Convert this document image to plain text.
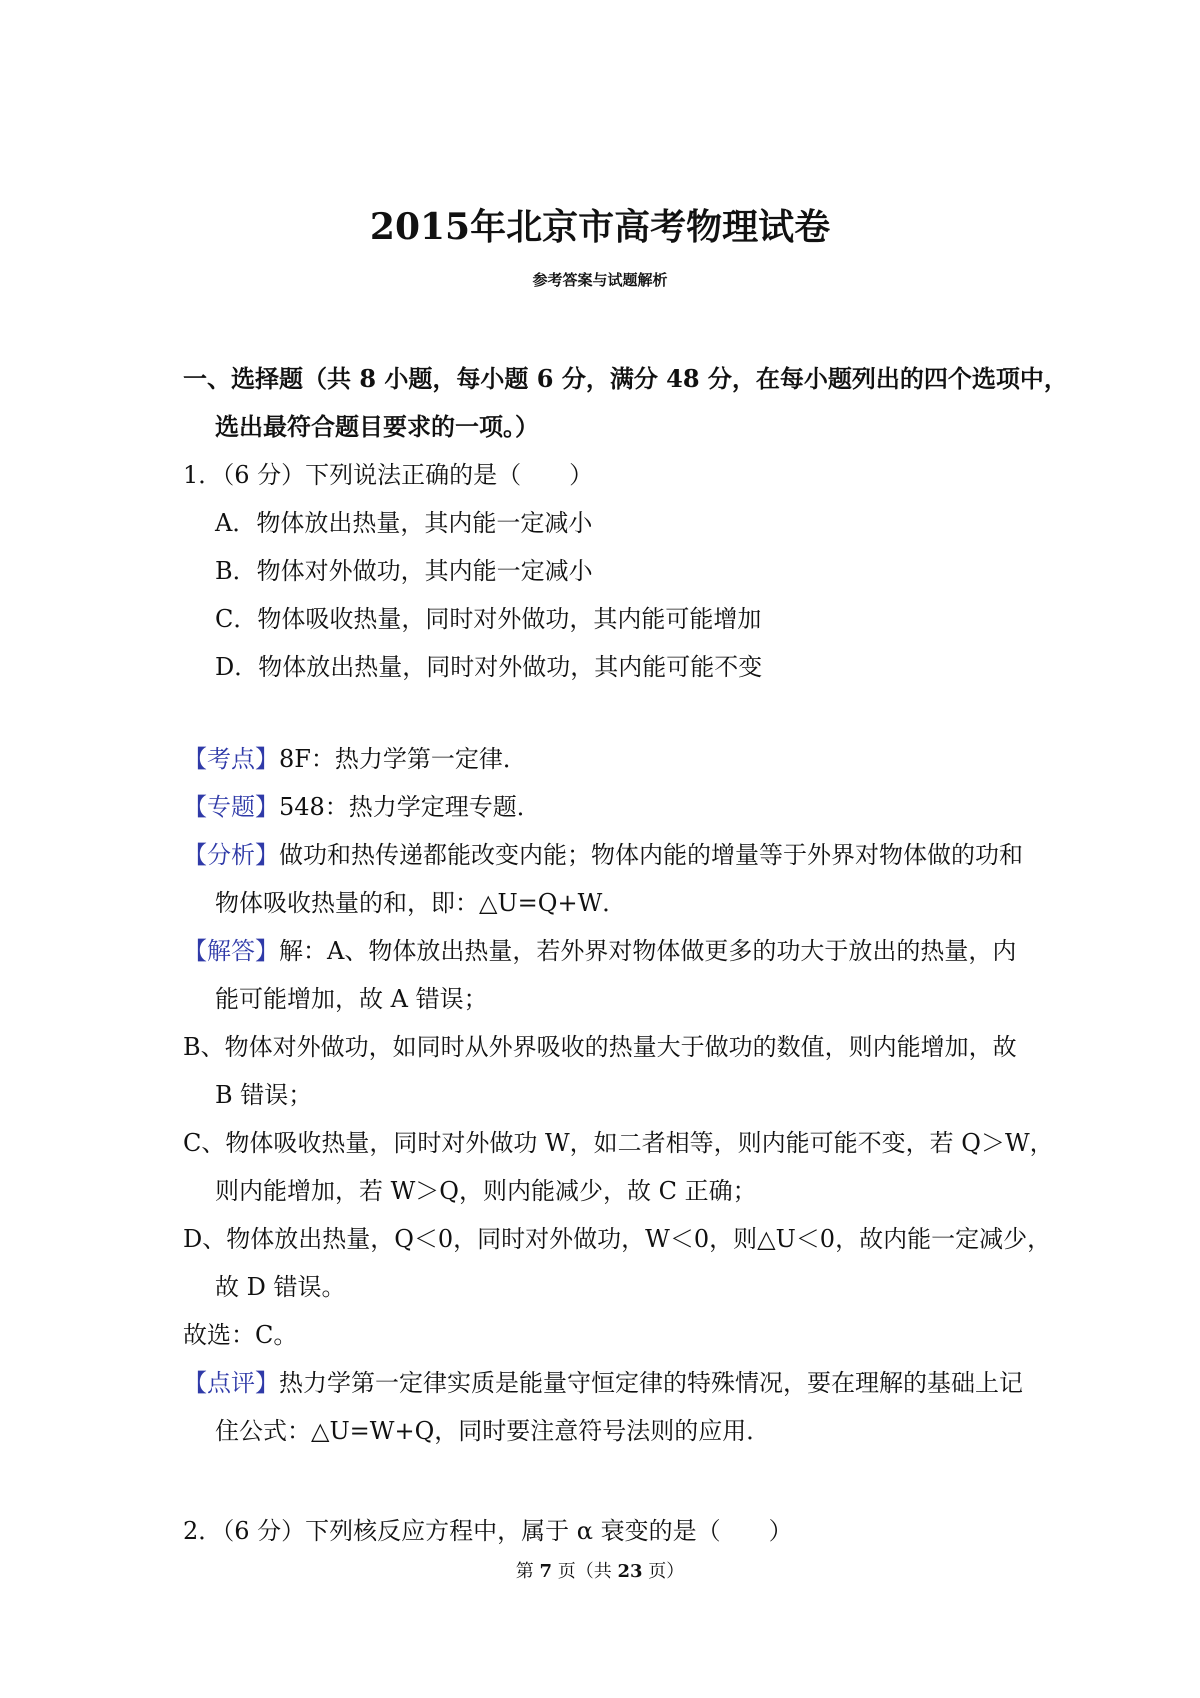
2015年北京市高考物理试卷
参考答案与试题解析
一、选择题（共 8 小题，每小题 6 分，满分 48 分，在每小题列出的四个选项中，
选出最符合题目要求的一项。）
1．（6 分）下列说法正确的是（　　）
A．物体放出热量，其内能一定减小
B．物体对外做功，其内能一定减小
C．物体吸收热量，同时对外做功，其内能可能增加
D．物体放出热量，同时对外做功，其内能可能不变
【考点】8F：热力学第一定律．
【专题】548：热力学定理专题．
【分析】做功和热传递都能改变内能；物体内能的增量等于外界对物体做的功和
物体吸收热量的和，即：△U=Q+W．
【解答】解：A、物体放出热量，若外界对物体做更多的功大于放出的热量，内
能可能增加，故 A 错误；
B、物体对外做功，如同时从外界吸收的热量大于做功的数值，则内能增加，故
B 错误；
C、物体吸收热量，同时对外做功 W，如二者相等，则内能可能不变，若 Q＞W，
则内能增加，若 W＞Q，则内能减少，故 C 正确；
D、物体放出热量，Q＜0，同时对外做功，W＜0，则△U＜0，故内能一定减少，
故 D 错误。
故选：C。
【点评】热力学第一定律实质是能量守恒定律的特殊情况，要在理解的基础上记
住公式：△U=W+Q，同时要注意符号法则的应用．
2．（6 分）下列核反应方程中，属于 α 衰变的是（　　）
第 7 页（共 23 页）
